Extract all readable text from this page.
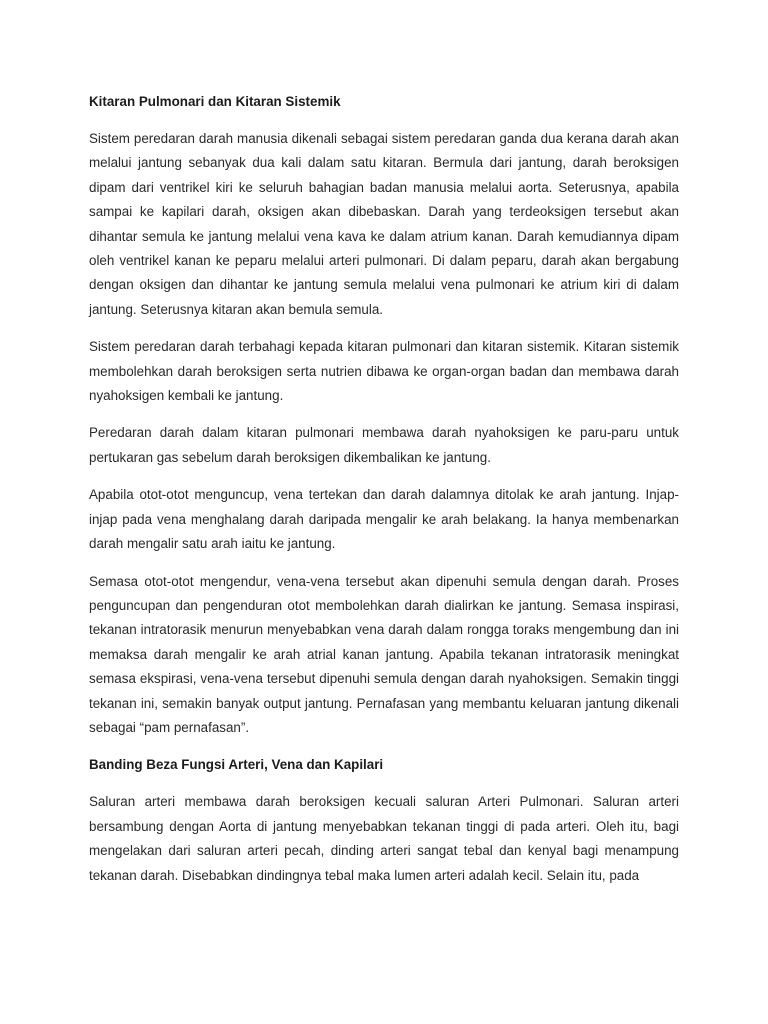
Kitaran Pulmonari dan Kitaran Sistemik

Sistem peredaran darah manusia dikenali sebagai sistem peredaran ganda dua kerana darah akan melalui jantung sebanyak dua kali dalam satu kitaran. Bermula dari jantung, darah beroksigen dipam dari ventrikel kiri ke seluruh bahagian badan manusia melalui aorta. Seterusnya, apabila sampai ke kapilari darah, oksigen akan dibebaskan. Darah yang terdeoksigen tersebut akan dihantar semula ke jantung melalui vena kava ke dalam atrium kanan. Darah kemudiannya dipam oleh ventrikel kanan ke peparu melalui arteri pulmonari. Di dalam peparu, darah akan bergabung dengan oksigen dan dihantar ke jantung semula melalui vena pulmonari ke atrium kiri di dalam jantung. Seterusnya kitaran akan bemula semula.

Sistem peredaran darah terbahagi kepada kitaran pulmonari dan kitaran sistemik. Kitaran sistemik membolehkan darah beroksigen serta nutrien dibawa ke organ-organ badan dan membawa darah nyahoksigen kembali ke jantung.

Peredaran darah dalam kitaran pulmonari membawa darah nyahoksigen ke paru-paru untuk pertukaran gas sebelum darah beroksigen dikembalikan ke jantung.

Apabila otot-otot menguncup, vena tertekan dan darah dalamnya ditolak ke arah jantung. Injap-injap pada vena menghalang darah daripada mengalir ke arah belakang. Ia hanya membenarkan darah mengalir satu arah iaitu ke jantung.

Semasa otot-otot mengendur, vena-vena tersebut akan dipenuhi semula dengan darah. Proses penguncupan dan pengenduran otot membolehkan darah dialirkan ke jantung. Semasa inspirasi, tekanan intratorasik menurun menyebabkan vena darah dalam rongga toraks mengembung dan ini memaksa darah mengalir ke arah atrial kanan jantung. Apabila tekanan intratorasik meningkat semasa ekspirasi, vena-vena tersebut dipenuhi semula dengan darah nyahoksigen. Semakin tinggi tekanan ini, semakin banyak output jantung. Pernafasan yang membantu keluaran jantung dikenali sebagai “pam pernafasan”.

Banding Beza Fungsi Arteri, Vena dan Kapilari

Saluran arteri membawa darah beroksigen kecuali saluran Arteri Pulmonari. Saluran arteri bersambung dengan Aorta di jantung menyebabkan tekanan tinggi di pada arteri. Oleh itu, bagi mengelakan dari saluran arteri pecah, dinding arteri sangat tebal dan kenyal bagi menampung tekanan darah. Disebabkan dindingnya tebal maka lumen arteri adalah kecil. Selain itu, pada
